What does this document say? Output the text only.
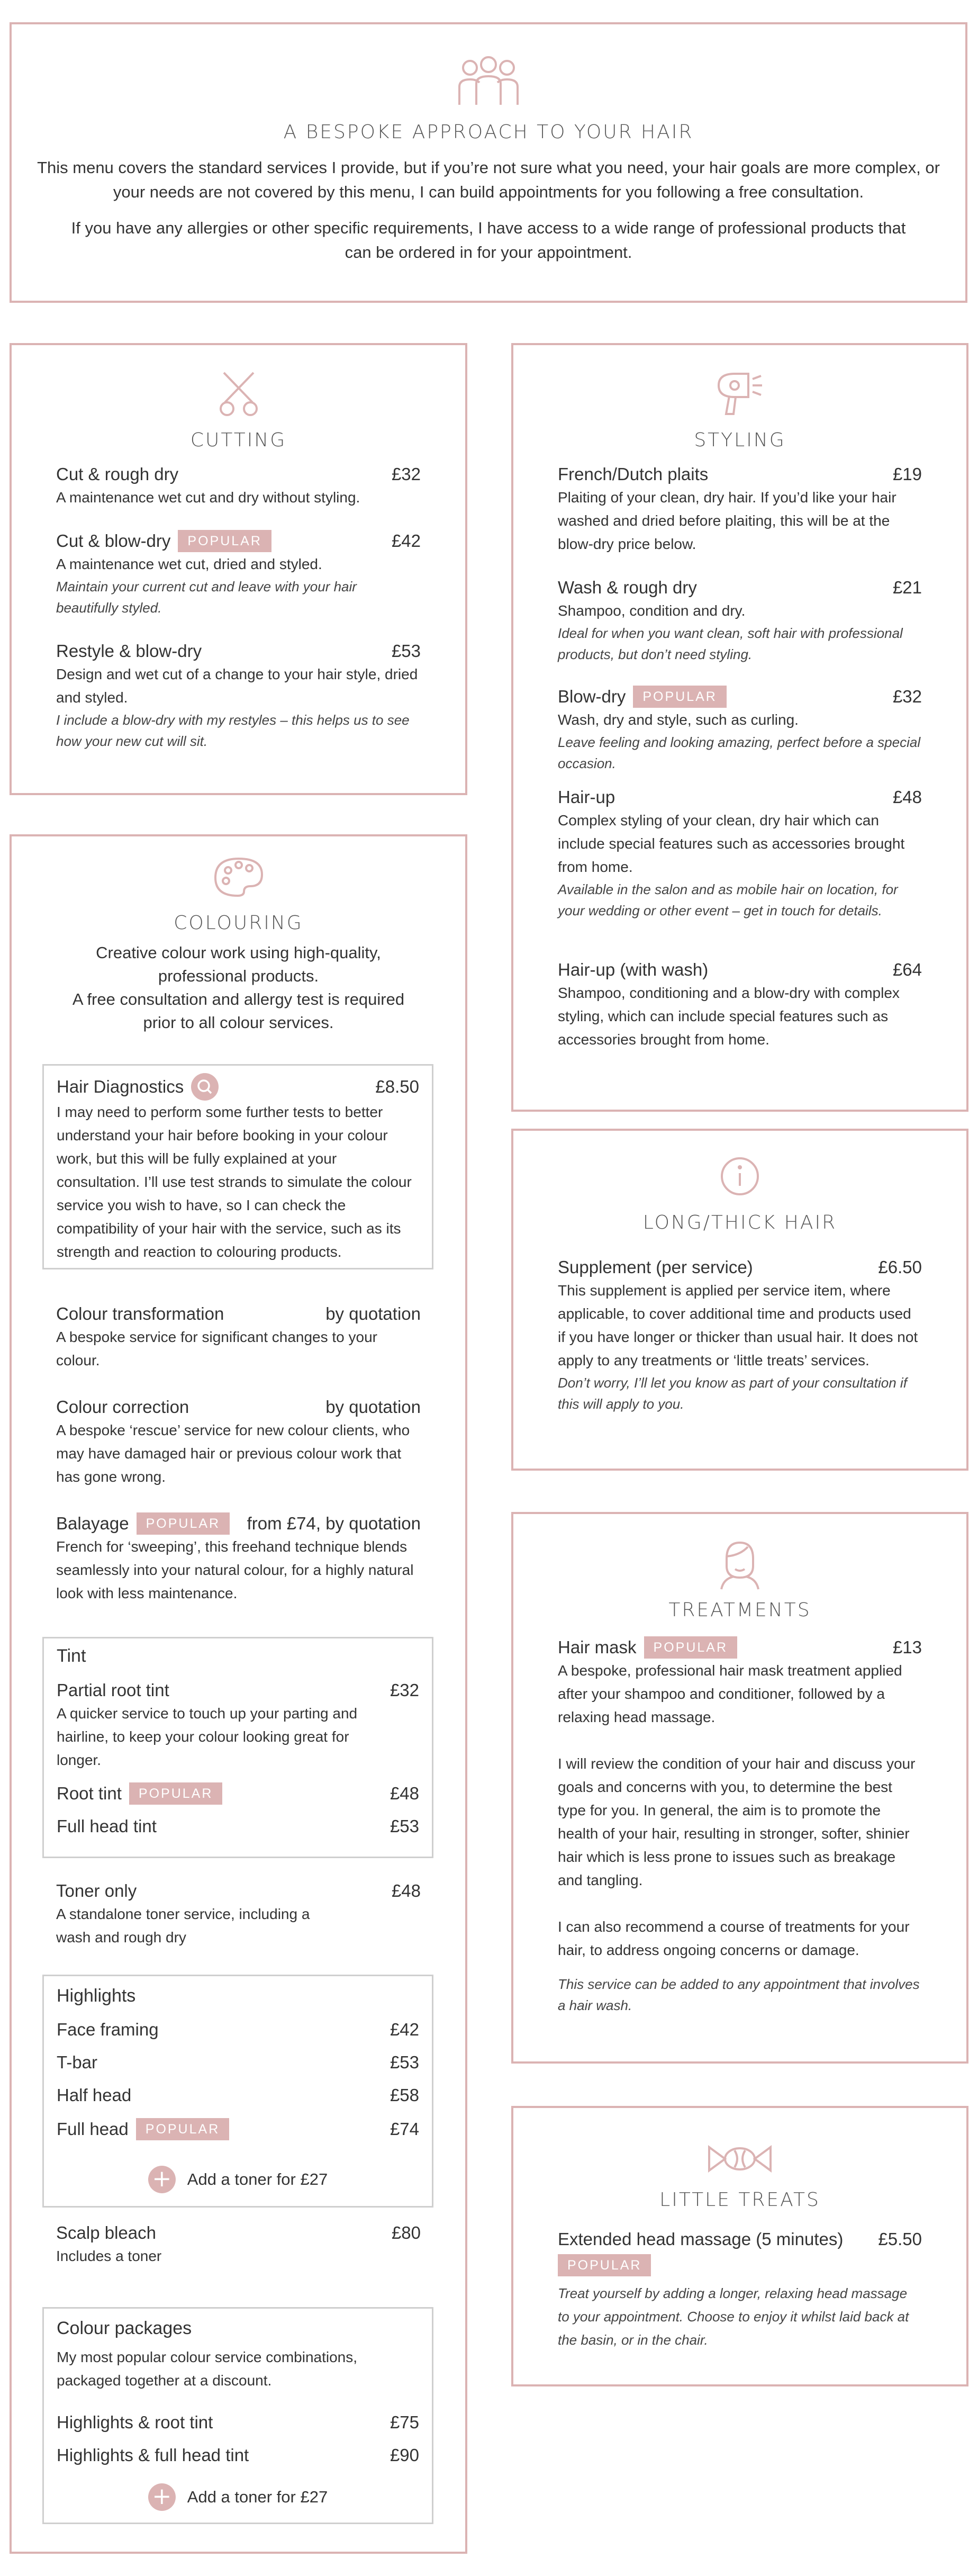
A BESPOKE APPROACH TO YOUR HAIR

This menu covers the standard services I provide, but if you’re not sure what you need, your hair goals are more complex, or your needs are not covered by this menu, I can build appointments for you following a free consultation.

If you have any allergies or other specific requirements, I have access to a wide range of professional products that can be ordered in for your appointment.

CUTTING
Cut & rough dry	£32
A maintenance wet cut and dry without styling.
Cut & blow-dry	POPULAR	£42
A maintenance wet cut, dried and styled.
Maintain your current cut and leave with your hair beautifully styled.
Restyle & blow-dry	£53
Design and wet cut of a change to your hair style, dried and styled.
I include a blow-dry with my restyles – this helps us to see how your new cut will sit.
STYLING
French/Dutch plaits	£19
Plaiting of your clean, dry hair. If you’d like your hair washed and dried before plaiting, this will be at the blow-dry price below.
Wash & rough dry	£21
Shampoo, condition and dry.
Ideal for when you want clean, soft hair with professional products, but don’t need styling.
Blow-dry	POPULAR	£32
Wash, dry and style, such as curling.
Leave feeling and looking amazing, perfect before a special occasion.
Hair-up	£48
Complex styling of your clean, dry hair which can include special features such as accessories brought from home.
Available in the salon and as mobile hair on location, for your wedding or other event – get in touch for details.
Hair-up (with wash)	£64
Shampoo, conditioning and a blow-dry with complex styling, which can include special features such as accessories brought from home.
LONG/THICK HAIR
Supplement (per service)	£6.50
This supplement is applied per service item, where applicable, to cover additional time and products used if you have longer or thicker than usual hair. It does not apply to any treatments or ‘little treats’ services.
Don’t worry, I’ll let you know as part of your consultation if this will apply to you.
TREATMENTS
Hair mask	POPULAR	£13
A bespoke, professional hair mask treatment applied after your shampoo and conditioner, followed by a relaxing head massage.
I will review the condition of your hair and discuss your goals and concerns with you, to determine the best type for you. In general, the aim is to promote the health of your hair, resulting in stronger, softer, shinier hair which is less prone to issues such as breakage and tangling.
I can also recommend a course of treatments for your hair, to address ongoing concerns or damage.
This service can be added to any appointment that involves a hair wash.
LITTLE TREATS
Extended head massage (5 minutes) £5.50
POPULAR
Treat yourself by adding a longer, relaxing head massage to your appointment. Choose to enjoy it whilst laid back at the basin, or in the chair.
COLOURING

Creative colour work using high-quality, professional products.

A free consultation and allergy test is required prior to all colour services.

Hair Diagnostics	£8.50
I may need to perform some further tests to better understand your hair before booking in your colour work, but this will be fully explained at your consultation. I’ll use test strands to simulate the colour service you wish to have, so I can check the compatibility of your hair with the service, such as its strength and reaction to colouring products.
Colour transformation	by quotation
A bespoke service for significant changes to your colour.
Colour correction	by quotation
A bespoke ‘rescue’ service for new colour clients, who may have damaged hair or previous colour work that has gone wrong.
Balayage	POPULAR	from £74, by quotation
French for ‘sweeping’, this freehand technique blends seamlessly into your natural colour, for a highly natural look with less maintenance.
Tint
Partial root tint	£32
A quicker service to touch up your parting and hairline, to keep your colour looking great for longer.
Root tint	POPULAR	£48
Full head tint	£53
Toner only	£48
A standalone toner service, including a wash and rough dry
Highlights
Face framing	£42
T-bar	£53
Half head	£58
Full head	POPULAR	£74
+ Add a toner for £27
Scalp bleach	£80
Includes a toner
Colour packages
My most popular colour service combinations, packaged together at a discount.
Highlights & root tint	£75
Highlights & full head tint	£90
+ Add a toner for £27
